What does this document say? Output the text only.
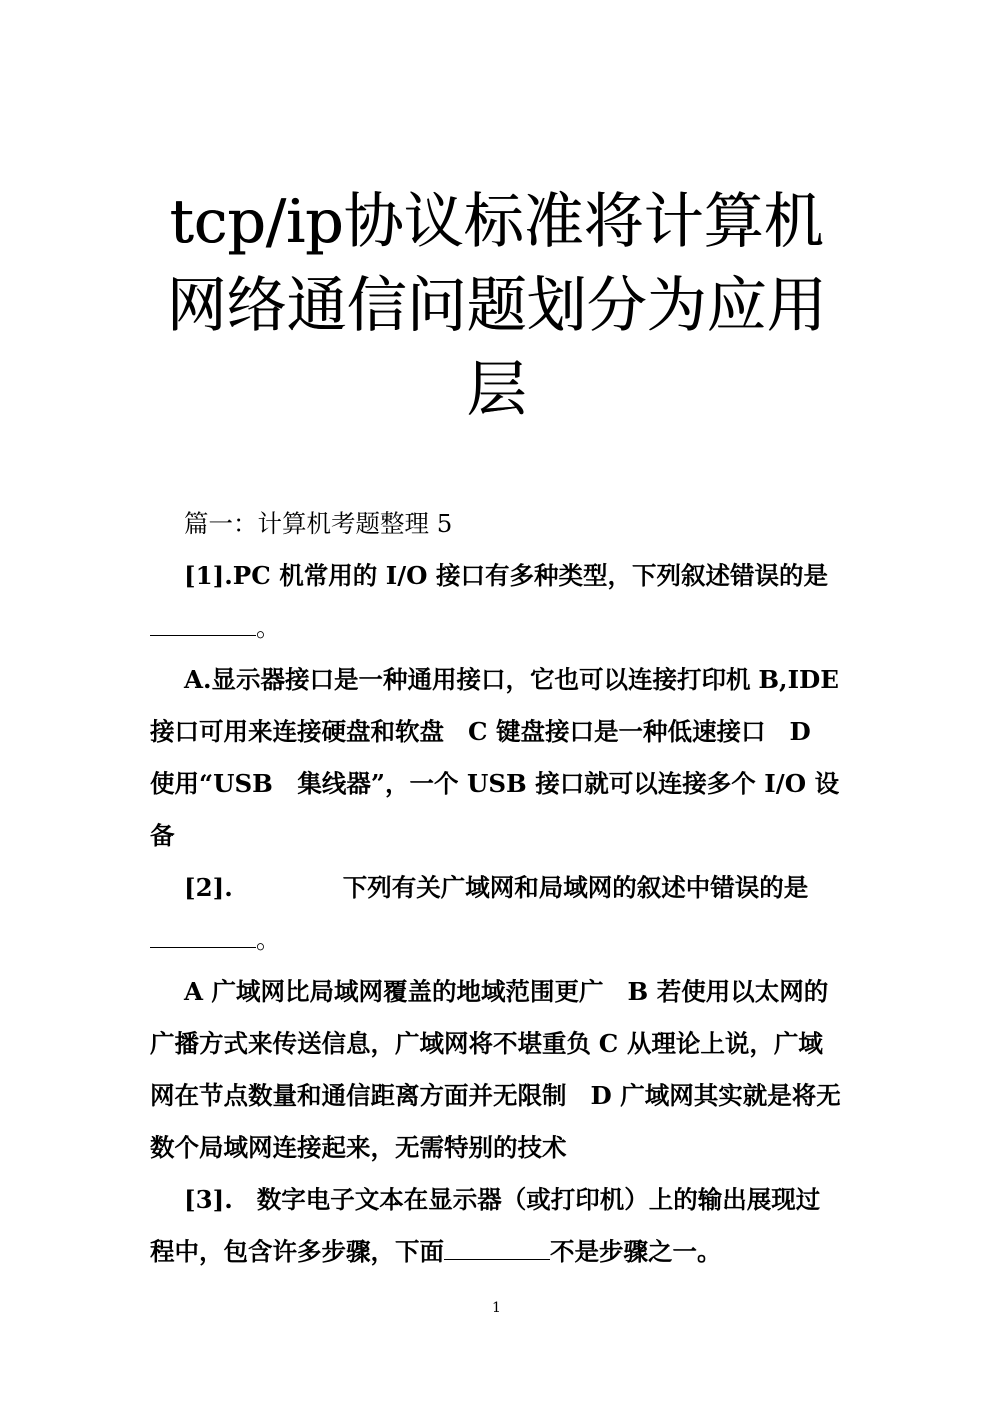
tcp/ip协议标准将计算机网络通信问题划分为应用层

篇一：计算机考题整理 5

[1].PC 机常用的 I/O 接口有多种类型，下列叙述错误的是。

A.显示器接口是一种通用接口，它也可以连接打印机 B,IDE 接口可用来连接硬盘和软盘 C 键盘接口是一种低速接口 D 使用“USB　集线器”，一个 USB 接口就可以连接多个 I/O 设备

[2].	下列有关广域网和局域网的叙述中错误的是。

A 广域网比局域网覆盖的地域范围更广 B 若使用以太网的广播方式来传送信息，广域网将不堪重负 C 从理论上说，广域网在节点数量和通信距离方面并无限制 D 广域网其实就是将无数个局域网连接起来，无需特别的技术

[3]. 数字电子文本在显示器（或打印机）上的输出展现过程中，包含许多步骤，下面	不是步骤之一。

1
